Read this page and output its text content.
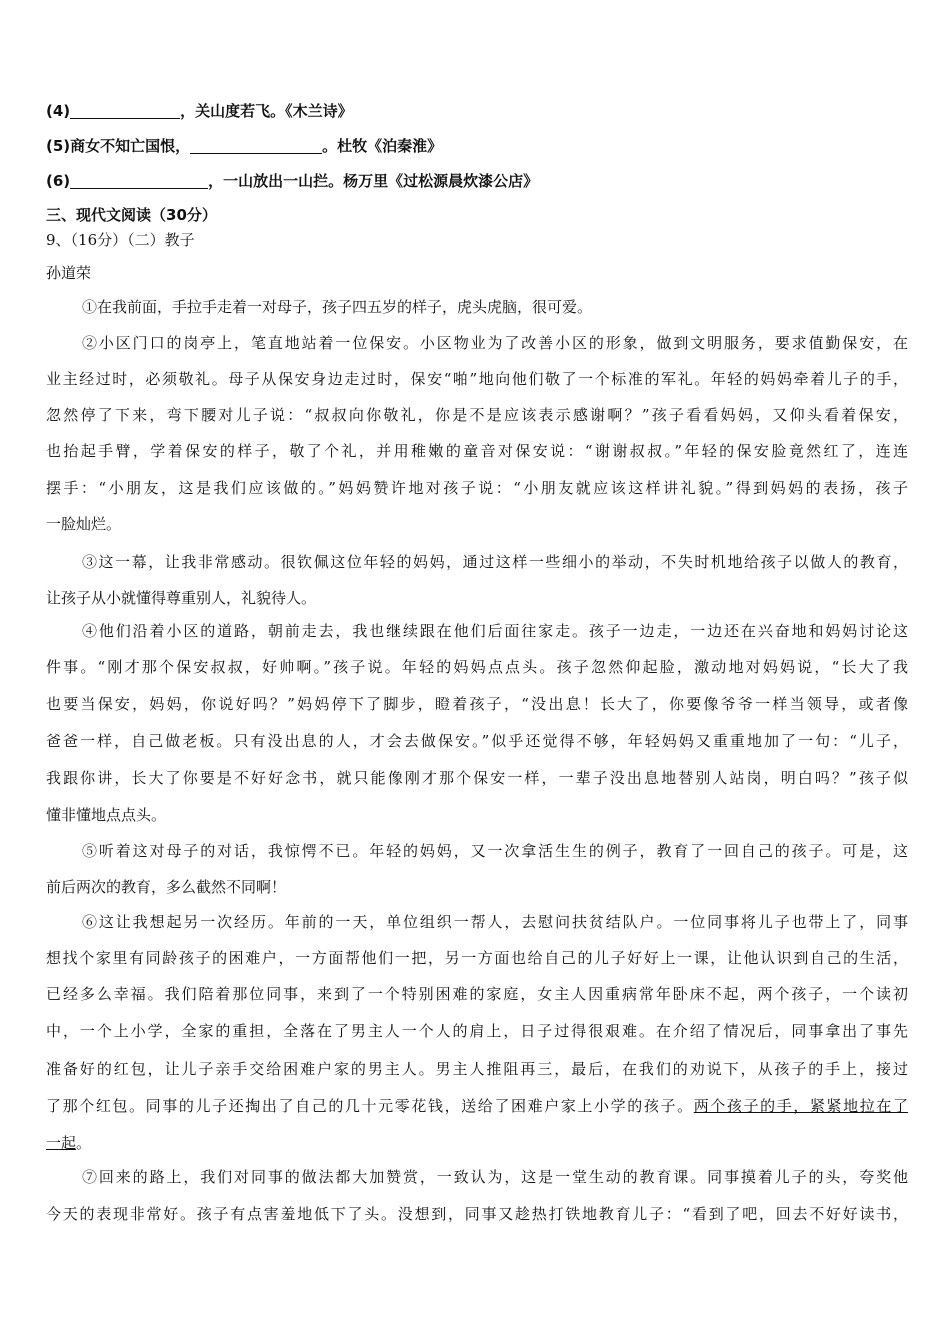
(4)	，关山度若飞。《木兰诗》
(5)商女不知亡国恨，	。杜牧《泊秦淮》
(6)	，一山放出一山拦。杨万里《过松源晨炊漆公店》
三、现代文阅读（30分）
9、（16分）（二）教子
孙道荣
①在我前面，手拉手走着一对母子，孩子四五岁的样子，虎头虎脑，很可爱。
②小区门口的岗亭上，笔直地站着一位保安。小区物业为了改善小区的形象，做到文明服务，要求值勤保安，在
业主经过时，必须敬礼。母子从保安身边走过时，保安“啪”地向他们敬了一个标准的军礼。年轻的妈妈牵着儿子的手，
忽然停了下来，弯下腰对儿子说：“叔叔向你敬礼，你是不是应该表示感谢啊？”孩子看看妈妈，又仰头看着保安，
也抬起手臂，学着保安的样子，敬了个礼，并用稚嫩的童音对保安说：“谢谢叔叔。”年轻的保安脸竟然红了，连连
摆手：“小朋友，这是我们应该做的。”妈妈赞许地对孩子说：“小朋友就应该这样讲礼貌。”得到妈妈的表扬，孩子
一脸灿烂。
③这一幕，让我非常感动。很钦佩这位年轻的妈妈，通过这样一些细小的举动，不失时机地给孩子以做人的教育，
让孩子从小就懂得尊重别人，礼貌待人。
④他们沿着小区的道路，朝前走去，我也继续跟在他们后面往家走。孩子一边走，一边还在兴奋地和妈妈讨论这
件事。“刚才那个保安叔叔，好帅啊。”孩子说。年轻的妈妈点点头。孩子忽然仰起脸，激动地对妈妈说，“长大了我
也要当保安，妈妈，你说好吗？”妈妈停下了脚步，瞪着孩子，“没出息！长大了，你要像爷爷一样当领导，或者像
爸爸一样，自己做老板。只有没出息的人，才会去做保安。”似乎还觉得不够，年轻妈妈又重重地加了一句：“儿子，
我跟你讲，长大了你要是不好好念书，就只能像刚才那个保安一样，一辈子没出息地替别人站岗，明白吗？”孩子似
懂非懂地点点头。
⑤听着这对母子的对话，我惊愕不已。年轻的妈妈，又一次拿活生生的例子，教育了一回自己的孩子。可是，这
前后两次的教育，多么截然不同啊！
⑥这让我想起另一次经历。年前的一天，单位组织一帮人，去慰问扶贫结队户。一位同事将儿子也带上了，同事
想找个家里有同龄孩子的困难户，一方面帮他们一把，另一方面也给自己的儿子好好上一课，让他认识到自己的生活，
已经多么幸福。我们陪着那位同事，来到了一个特别困难的家庭，女主人因重病常年卧床不起，两个孩子，一个读初
中，一个上小学，全家的重担，全落在了男主人一个人的肩上，日子过得很艰难。在介绍了情况后，同事拿出了事先
准备好的红包，让儿子亲手交给困难户家的男主人。男主人推阻再三，最后，在我们的劝说下，从孩子的手上，接过
了那个红包。同事的儿子还掏出了自己的几十元零花钱，送给了困难户家上小学的孩子。两个孩子的手，紧紧地拉在了
一起。
⑦回来的路上，我们对同事的做法都大加赞赏，一致认为，这是一堂生动的教育课。同事摸着儿子的头，夸奖他
今天的表现非常好。孩子有点害羞地低下了头。没想到，同事又趁热打铁地教育儿子：“看到了吧，回去不好好读书，
